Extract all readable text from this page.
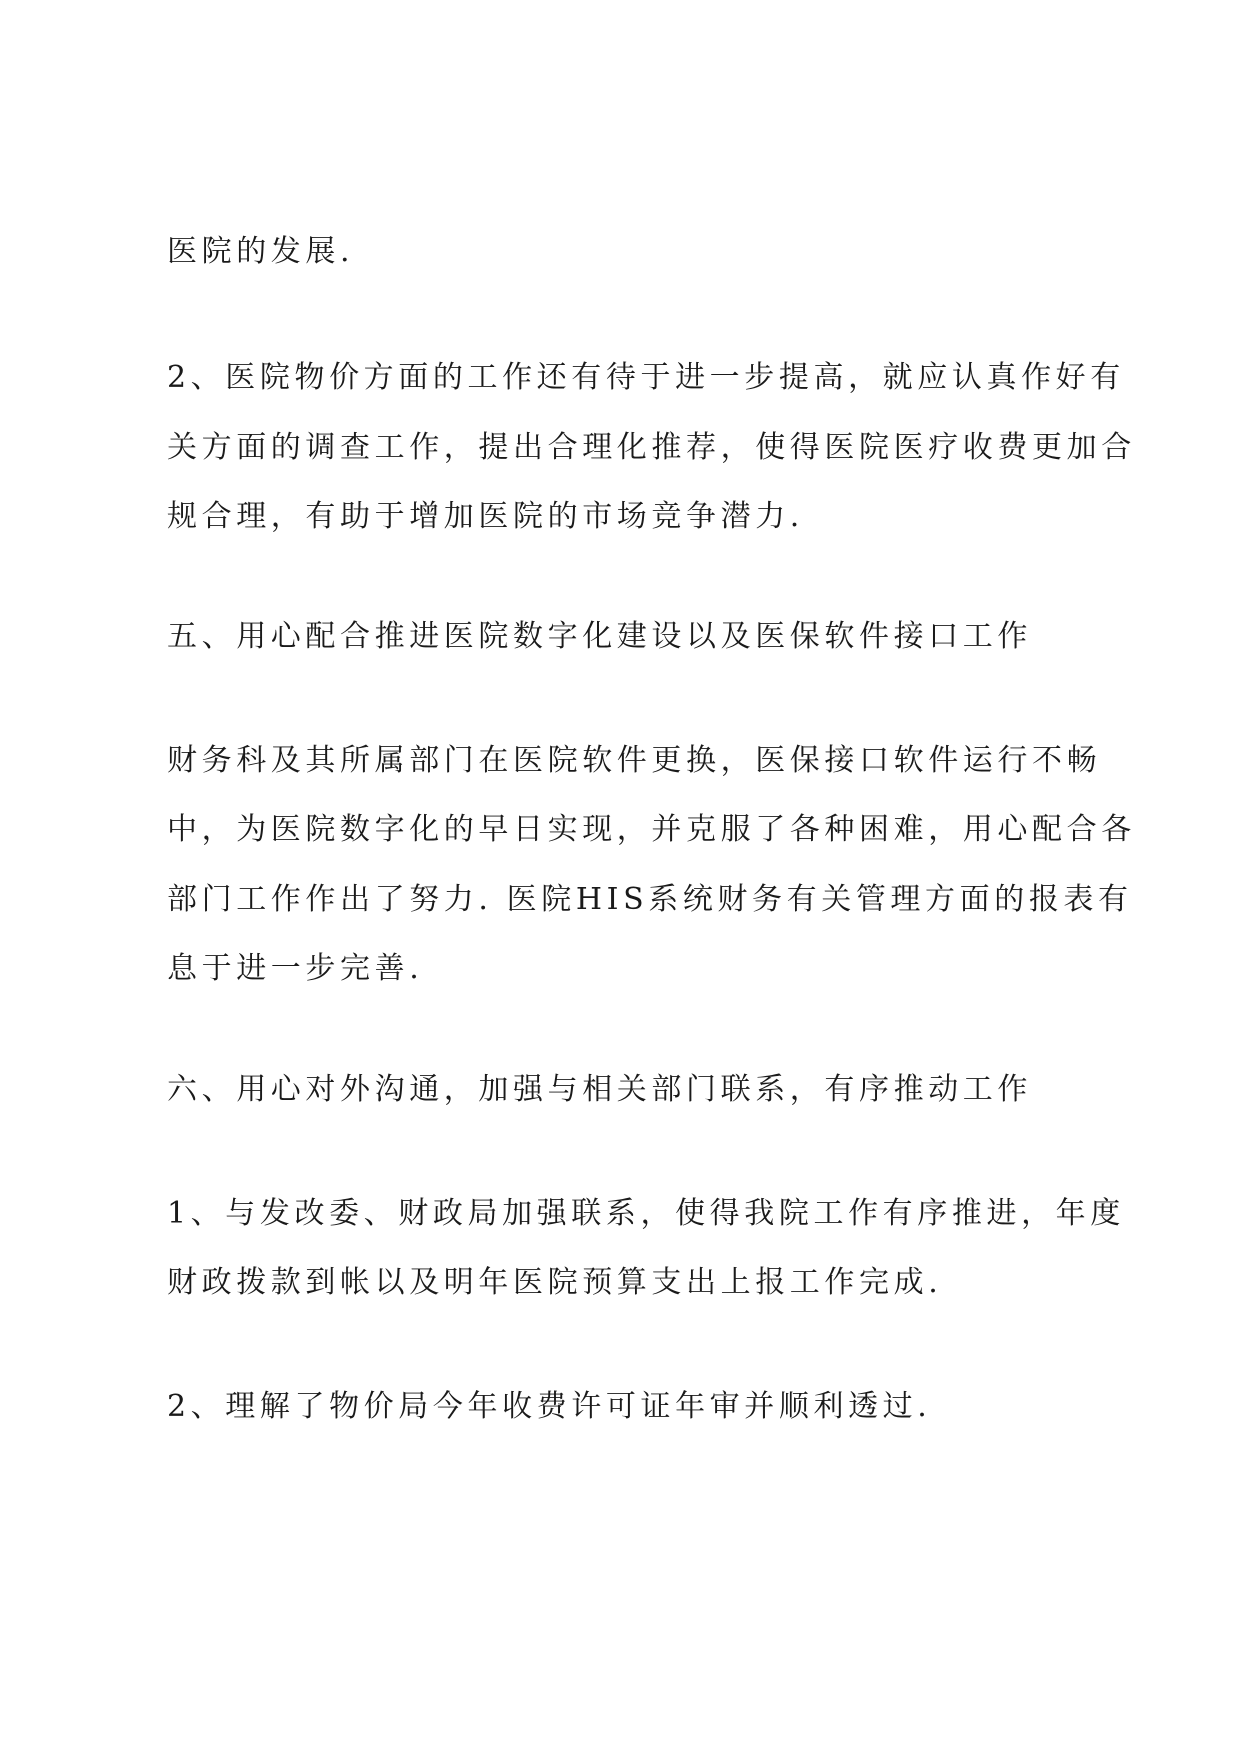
医院的发展.

2、医院物价方面的工作还有待于进一步提高，就应认真作好有

关方面的调查工作，提出合理化推荐，使得医院医疗收费更加合

规合理，有助于增加医院的市场竞争潜力.

五、用心配合推进医院数字化建设以及医保软件接口工作

财务科及其所属部门在医院软件更换，医保接口软件运行不畅

中，为医院数字化的早日实现，并克服了各种困难，用心配合各

部门工作作出了努力. 医院HIS系统财务有关管理方面的报表有

息于进一步完善.

六、用心对外沟通，加强与相关部门联系，有序推动工作

1、与发改委、财政局加强联系，使得我院工作有序推进，年度

财政拨款到帐以及明年医院预算支出上报工作完成.

2、理解了物价局今年收费许可证年审并顺利透过.
